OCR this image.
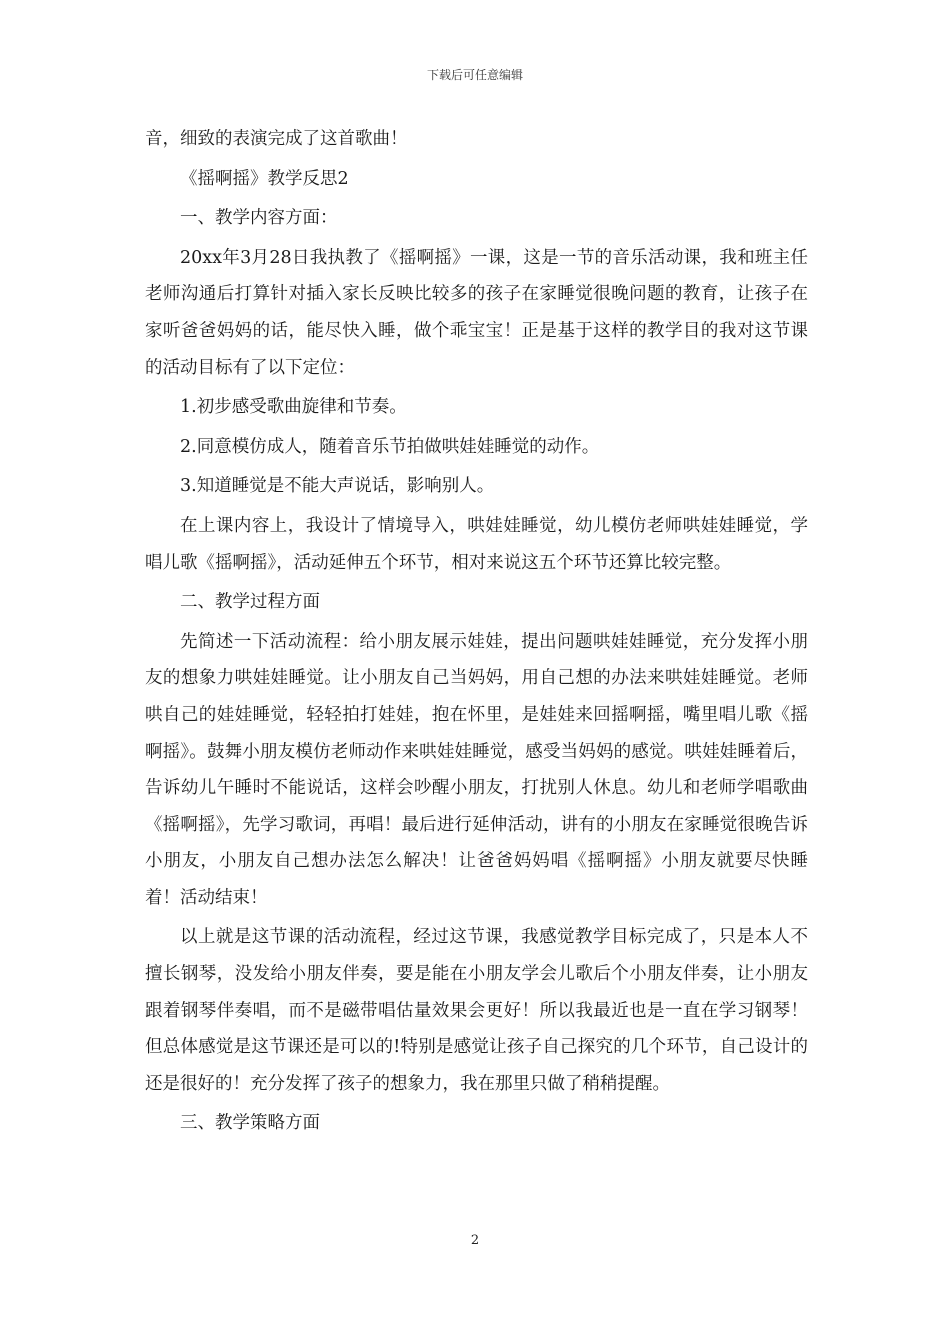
下载后可任意编辑

音，细致的表演完成了这首歌曲！

《摇啊摇》教学反思2

一、教学内容方面：

20xx年3月28日我执教了《摇啊摇》一课，这是一节的音乐活动课，我和班主任老师沟通后打算针对插入家长反映比较多的孩子在家睡觉很晚问题的教育，让孩子在家听爸爸妈妈的话，能尽快入睡，做个乖宝宝！正是基于这样的教学目的我对这节课的活动目标有了以下定位：

1.初步感受歌曲旋律和节奏。

2.同意模仿成人，随着音乐节拍做哄娃娃睡觉的动作。

3.知道睡觉是不能大声说话，影响别人。

在上课内容上，我设计了情境导入，哄娃娃睡觉，幼儿模仿老师哄娃娃睡觉，学唱儿歌《摇啊摇》，活动延伸五个环节，相对来说这五个环节还算比较完整。

二、教学过程方面

先简述一下活动流程：给小朋友展示娃娃，提出问题哄娃娃睡觉，充分发挥小朋友的想象力哄娃娃睡觉。让小朋友自己当妈妈，用自己想的办法来哄娃娃睡觉。老师哄自己的娃娃睡觉，轻轻拍打娃娃，抱在怀里，是娃娃来回摇啊摇，嘴里唱儿歌《摇啊摇》。鼓舞小朋友模仿老师动作来哄娃娃睡觉，感受当妈妈的感觉。哄娃娃睡着后，告诉幼儿午睡时不能说话，这样会吵醒小朋友，打扰别人休息。幼儿和老师学唱歌曲《摇啊摇》，先学习歌词，再唱！最后进行延伸活动，讲有的小朋友在家睡觉很晚告诉小朋友，小朋友自己想办法怎么解决！让爸爸妈妈唱《摇啊摇》小朋友就要尽快睡着！活动结束！

以上就是这节课的活动流程，经过这节课，我感觉教学目标完成了，只是本人不擅长钢琴，没发给小朋友伴奏，要是能在小朋友学会儿歌后个小朋友伴奏，让小朋友跟着钢琴伴奏唱，而不是磁带唱估量效果会更好！所以我最近也是一直在学习钢琴！但总体感觉是这节课还是可以的!特别是感觉让孩子自己探究的几个环节，自己设计的还是很好的！充分发挥了孩子的想象力，我在那里只做了稍稍提醒。

三、教学策略方面

2
